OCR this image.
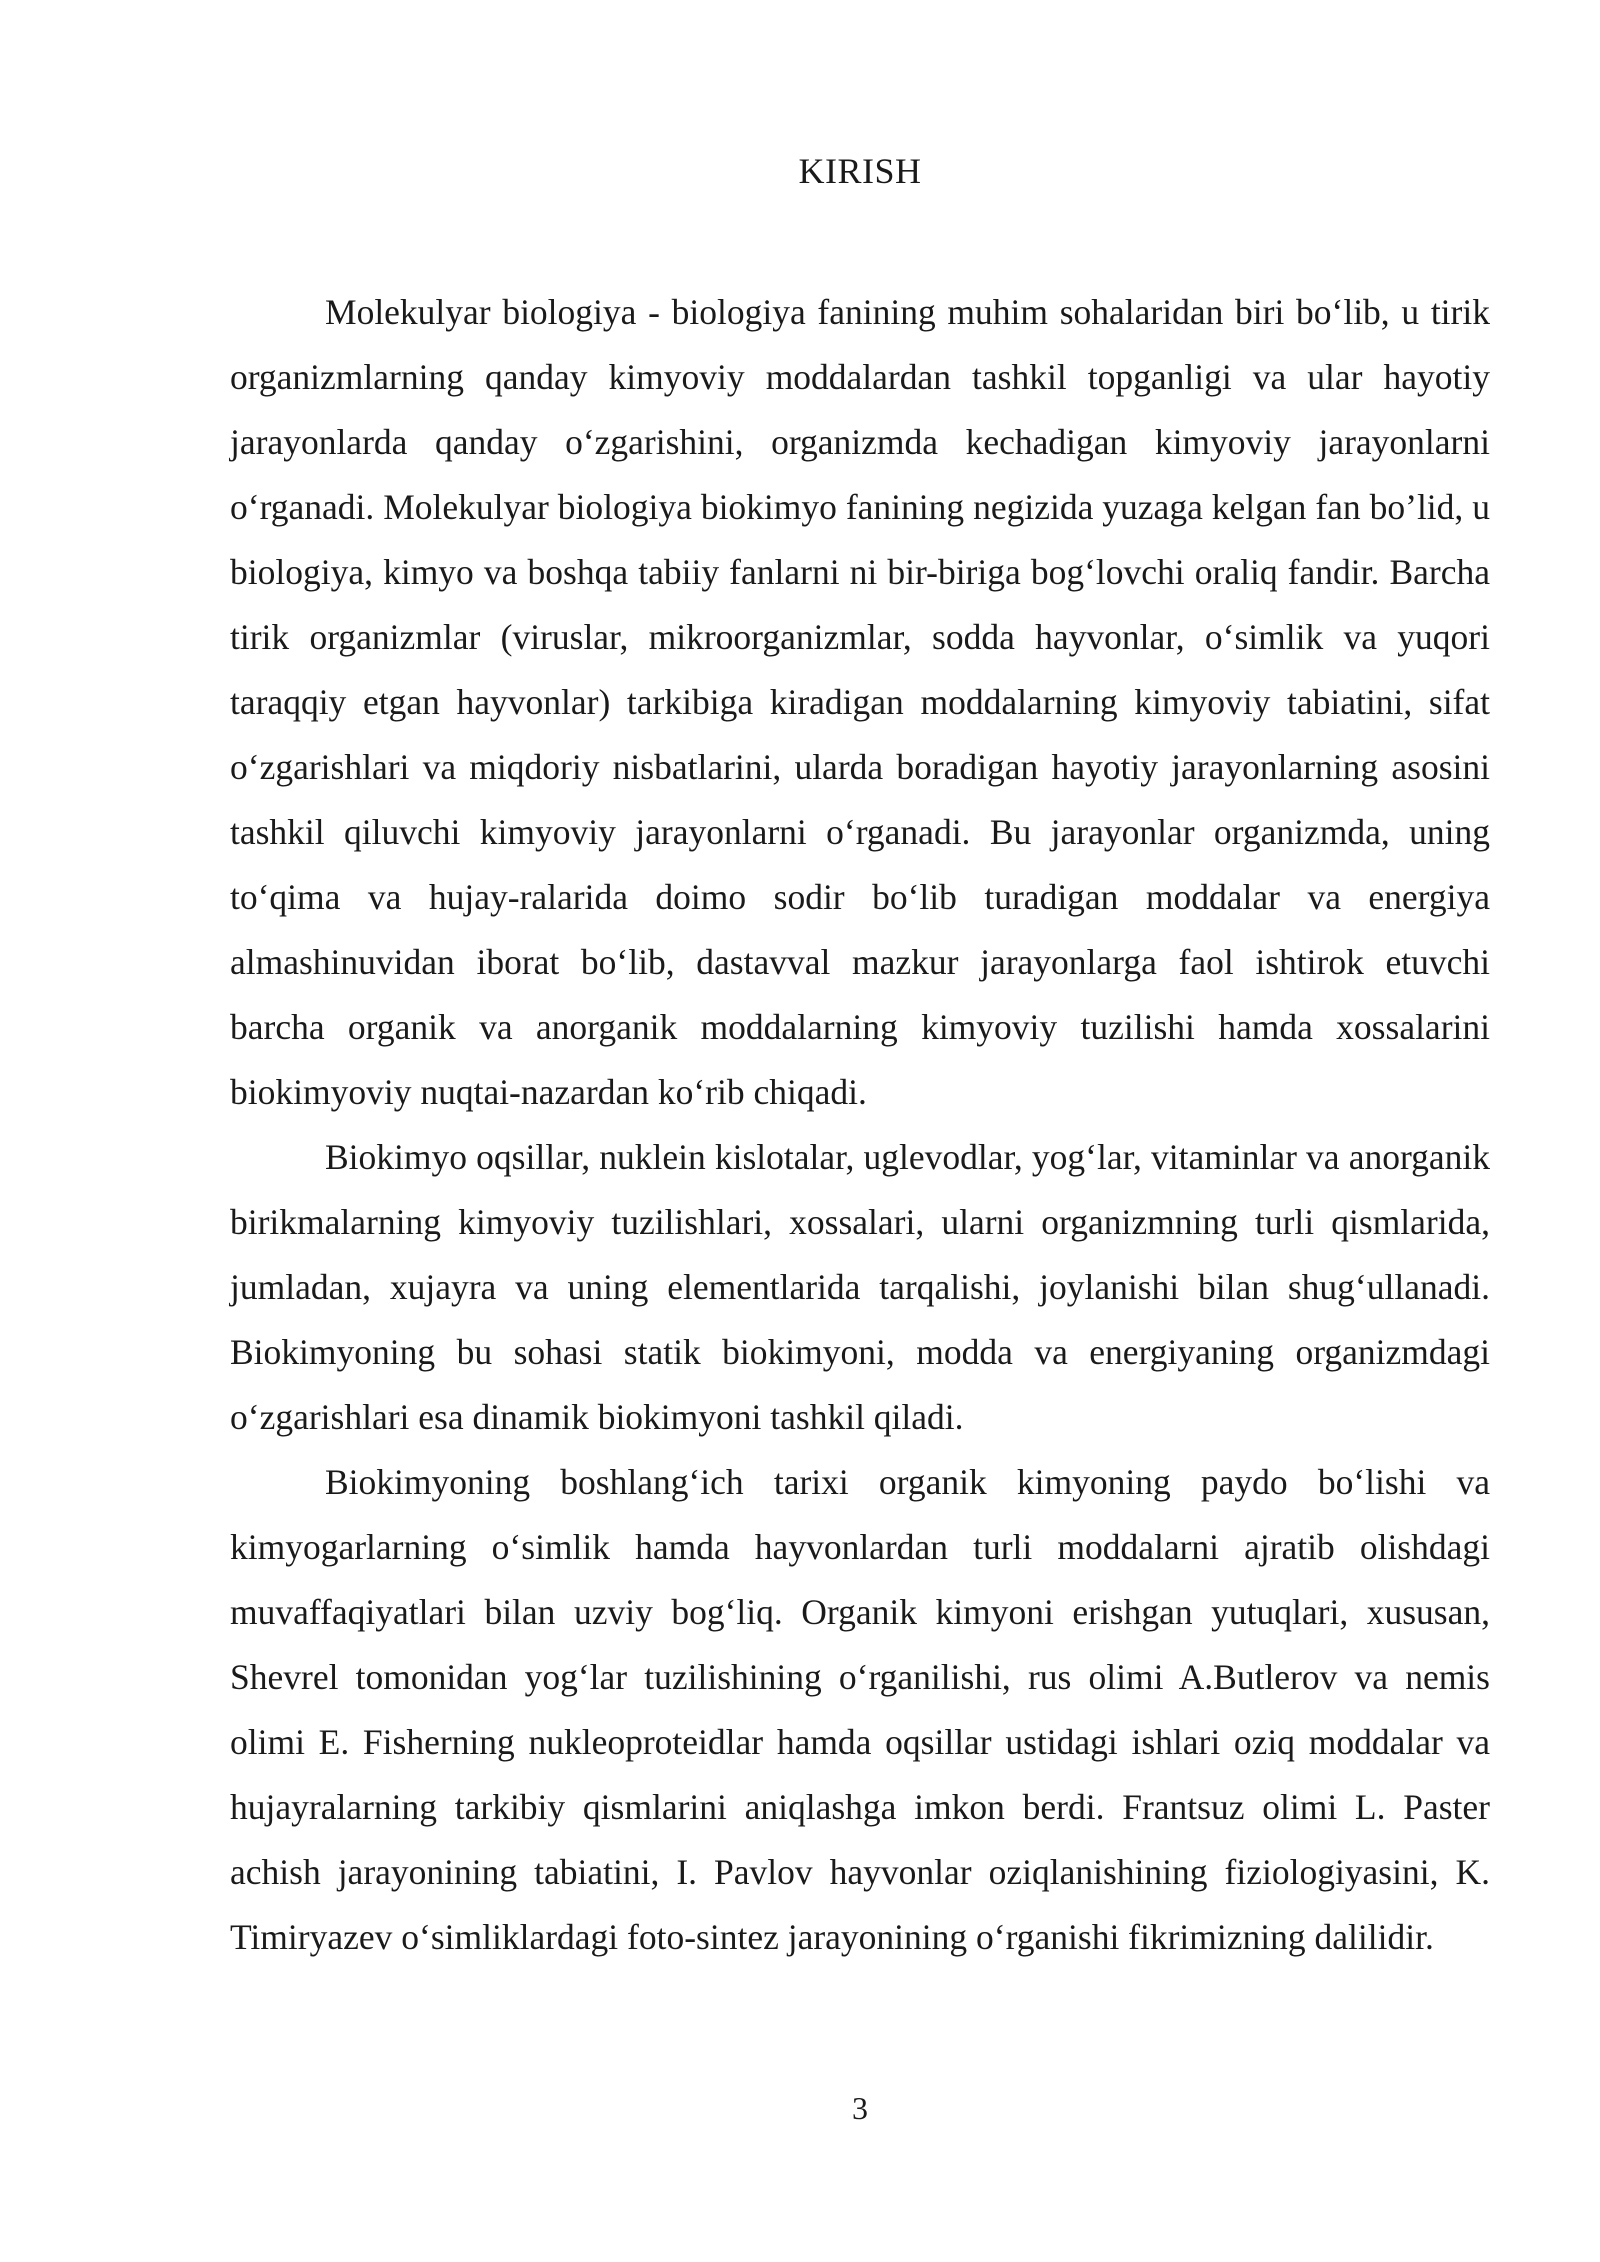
KIRISH

Molekulyar biologiya - biologiya fanining muhim sohalaridan biri bo‘lib, u tirik organizmlarning qanday kimyoviy moddalardan tashkil topganligi va ular hayotiy jarayonlarda qanday o‘zgarishini, organizmda kechadigan kimyoviy jarayonlarni o‘rganadi. Molekulyar biologiya biokimyo fanining negizida yuzaga kelgan fan bo’lid, u biologiya, kimyo va boshqa tabiiy fanlarni ni bir-biriga bog‘lovchi oraliq fandir. Barcha tirik organizmlar (viruslar, mikroorganizmlar, sodda hayvonlar, o‘simlik va yuqori taraqqiy etgan hayvonlar) tarkibiga kiradigan moddalarning kimyoviy tabiatini, sifat o‘zgarishlari va miqdoriy nisbatlarini, ularda boradigan hayotiy jarayonlarning asosini tashkil qiluvchi kimyoviy jarayonlarni o‘rganadi. Bu jarayonlar organizmda, uning to‘qima va hujay-ralarida doimo sodir bo‘lib turadigan moddalar va energiya almashinuvidan iborat bo‘lib, dastavval mazkur jarayonlarga faol ishtirok etuvchi barcha organik va anorganik moddalarning kimyoviy tuzilishi hamda xossalarini biokimyoviy nuqtai-nazardan ko‘rib chiqadi.

Biokimyo oqsillar, nuklein kislotalar, uglevodlar, yog‘lar, vitaminlar va anorganik birikmalarning kimyoviy tuzilishlari, xossalari, ularni organizmning turli qismlarida, jumladan, xujayra va uning elementlarida tarqalishi, joylanishi bilan shug‘ullanadi. Biokimyoning bu sohasi statik biokimyoni, modda va energiyaning organizmdagi o‘zgarishlari esa dinamik biokimyoni tashkil qiladi.

Biokimyoning boshlang‘ich tarixi organik kimyoning paydo bo‘lishi va kimyogarlarning o‘simlik hamda hayvonlardan turli moddalarni ajratib olishdagi muvaffaqiyatlari bilan uzviy bog‘liq. Organik kimyoni erishgan yutuqlari, xususan, Shevrel tomonidan yog‘lar tuzilishining o‘rganilishi, rus olimi A.Butlerov va nemis olimi E. Fisherning nukleoproteidlar hamda oqsillar ustidagi ishlari oziq moddalar va hujayralarning tarkibiy qismlarini aniqlashga imkon berdi. Frantsuz olimi L. Paster achish jarayonining tabiatini, I. Pavlov hayvonlar oziqlanishining fiziologiyasini, K. Timiryazev o‘simliklardagi foto-sintez jarayonining o‘rganishi fikrimizning dalilidir.

3
